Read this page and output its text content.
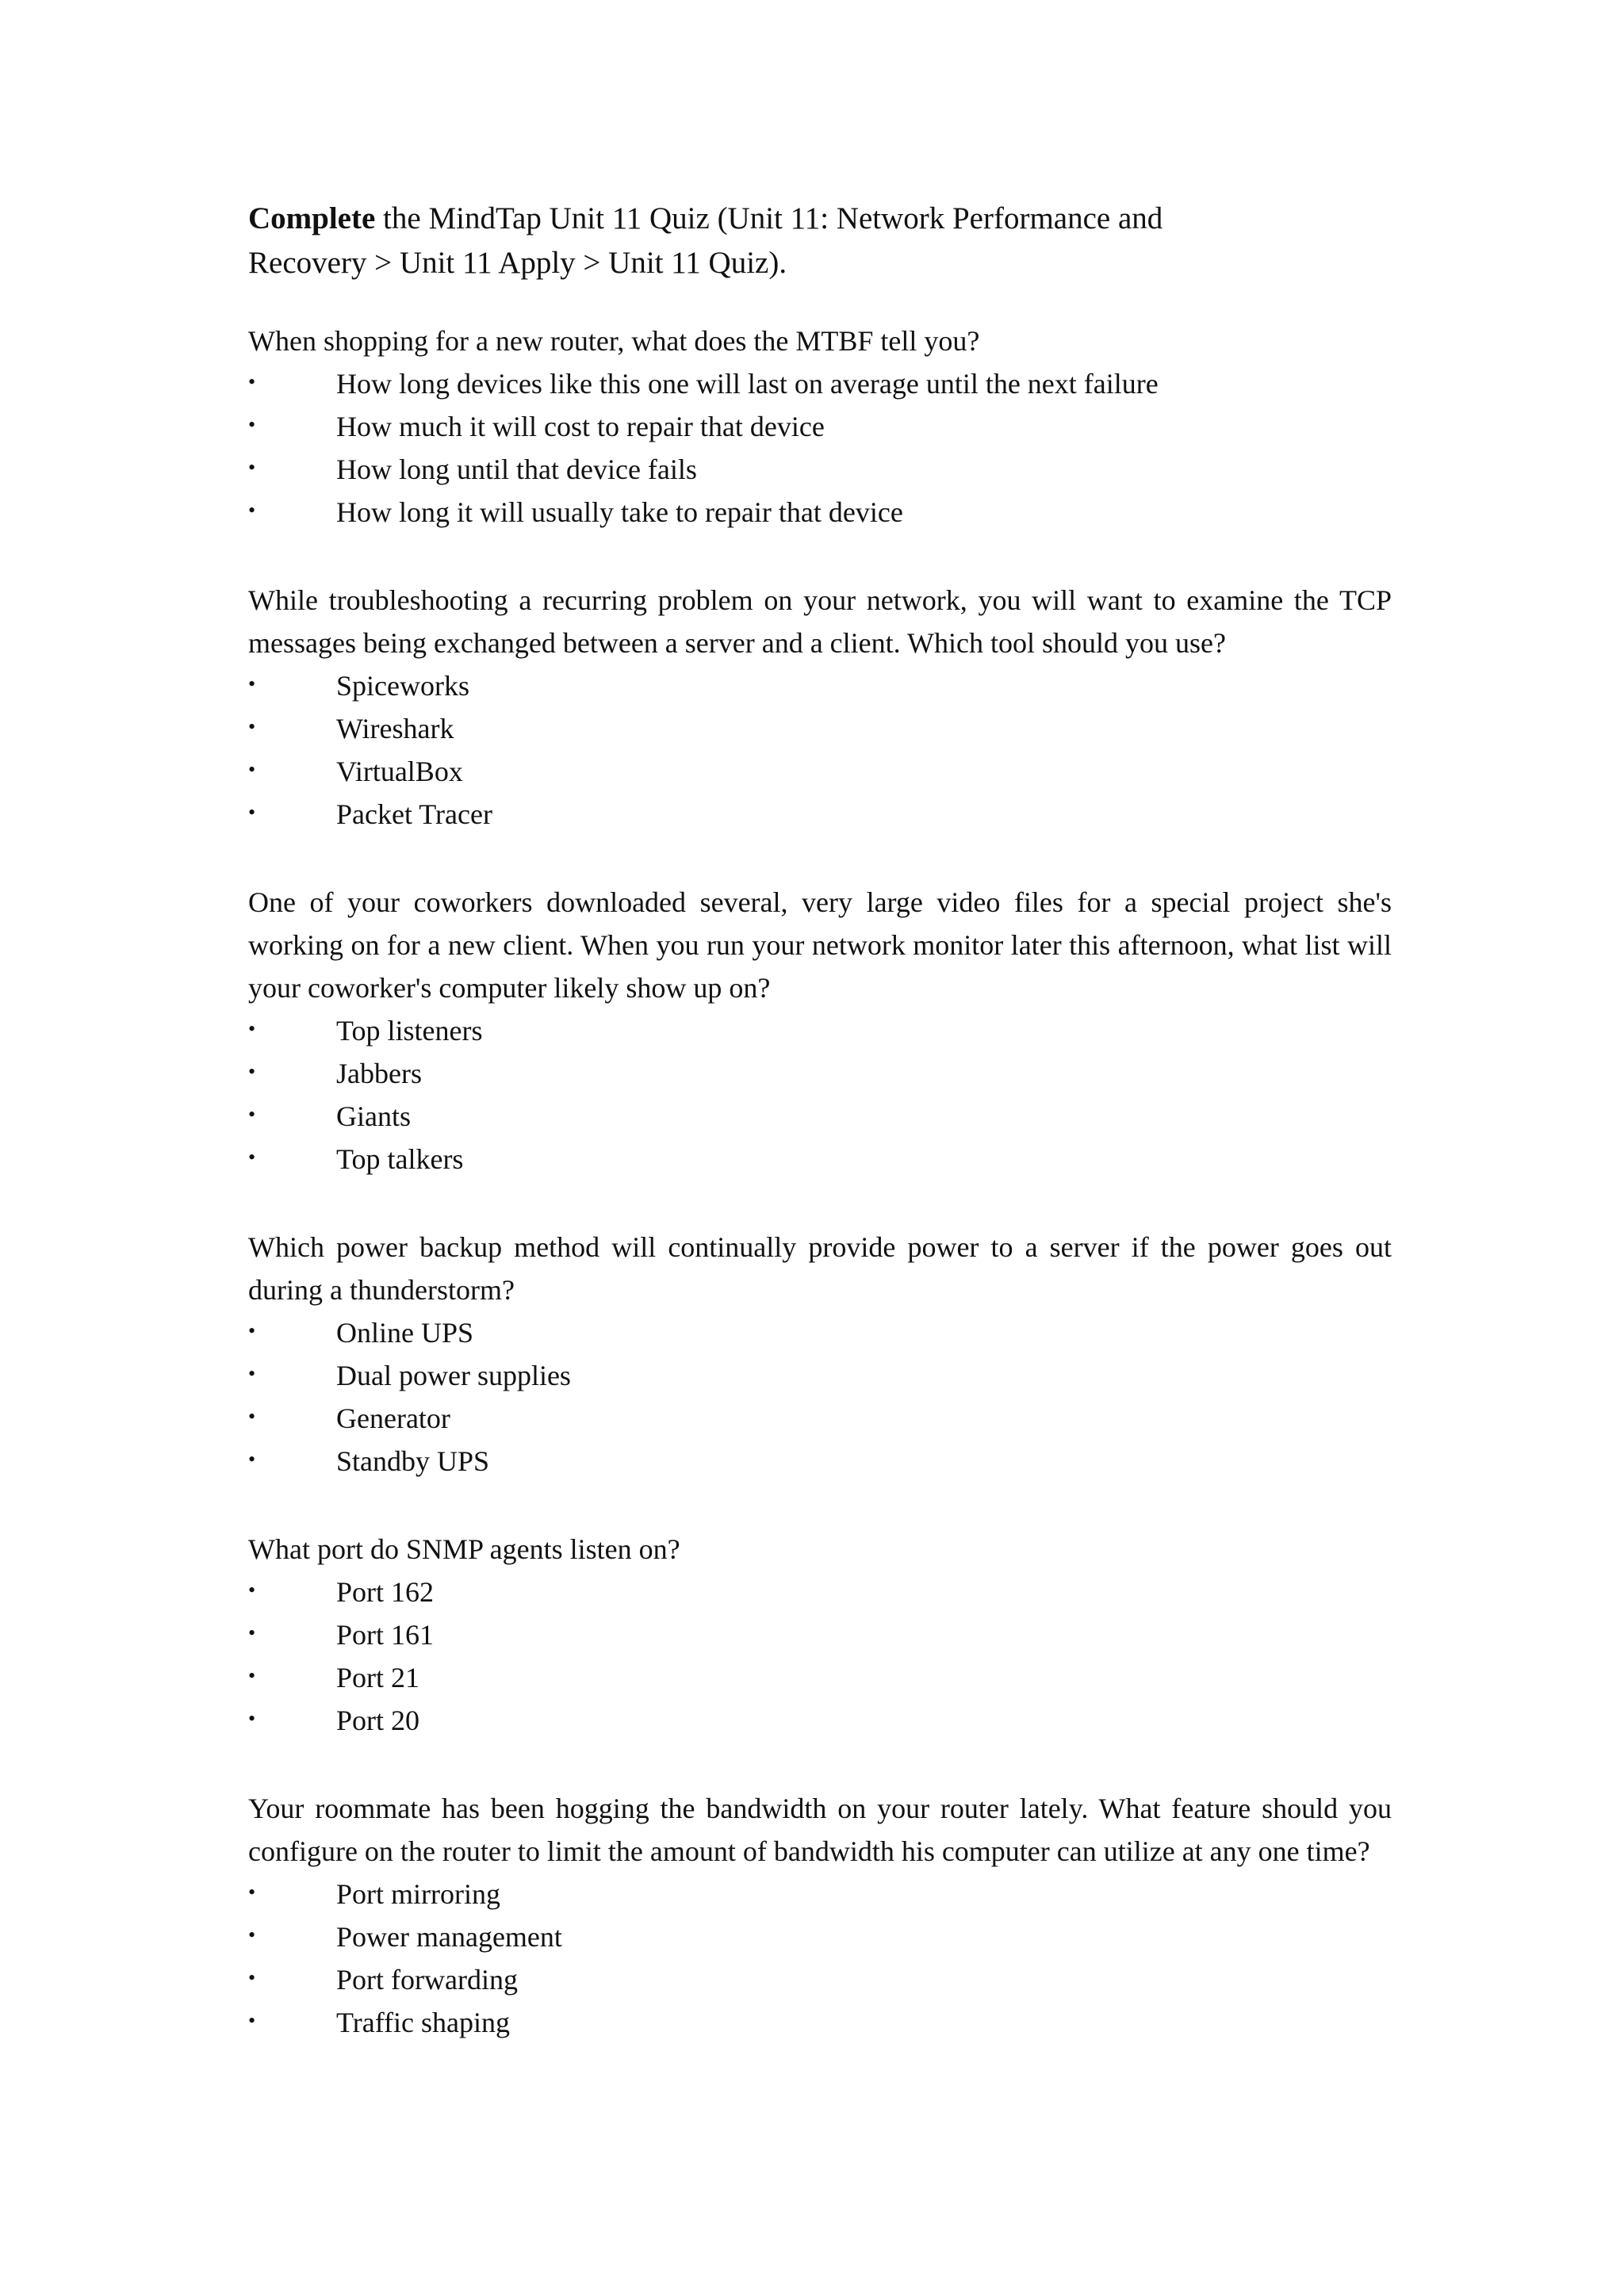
Complete the MindTap Unit 11 Quiz (Unit 11: Network Performance and Recovery > Unit 11 Apply > Unit 11 Quiz).

When shopping for a new router, what does the MTBF tell you?

•	How long devices like this one will last on average until the next failure
•	How much it will cost to repair that device
•	How long until that device fails
•	How long it will usually take to repair that device

While troubleshooting a recurring problem on your network, you will want to examine the TCP messages being exchanged between a server and a client. Which tool should you use?

•	Spiceworks
•	Wireshark
•	VirtualBox
•	Packet Tracer

One of your coworkers downloaded several, very large video files for a special project she's working on for a new client. When you run your network monitor later this afternoon, what list will your coworker's computer likely show up on?

•	Top listeners
•	Jabbers
•	Giants
•	Top talkers

Which power backup method will continually provide power to a server if the power goes out during a thunderstorm?

•	Online UPS
•	Dual power supplies
•	Generator
•	Standby UPS

What port do SNMP agents listen on?

•	Port 162
•	Port 161
•	Port 21
•	Port 20

Your roommate has been hogging the bandwidth on your router lately. What feature should you configure on the router to limit the amount of bandwidth his computer can utilize at any one time?

•	Port mirroring
•	Power management
•	Port forwarding
•	Traffic shaping
